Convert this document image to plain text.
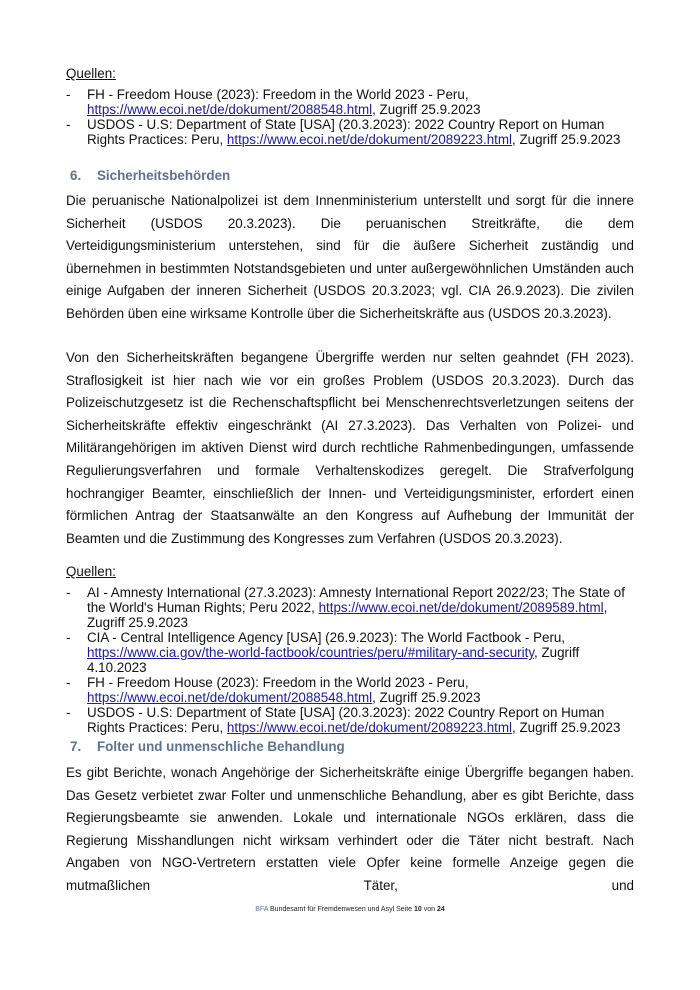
Quellen:
- FH - Freedom House (2023): Freedom in the World 2023 - Peru, https://www.ecoi.net/de/dokument/2088548.html, Zugriff 25.9.2023
- USDOS - U.S: Department of State [USA] (20.3.2023): 2022 Country Report on Human Rights Practices: Peru, https://www.ecoi.net/de/dokument/2089223.html, Zugriff 25.9.2023
6. Sicherheitsbehörden

Die peruanische Nationalpolizei ist dem Innenministerium unterstellt und sorgt für die innere Sicherheit (USDOS 20.3.2023). Die peruanischen Streitkräfte, die dem Verteidigungsministerium unterstehen, sind für die äußere Sicherheit zuständig und übernehmen in bestimmten Notstandsgebieten und unter außergewöhnlichen Umständen auch einige Aufgaben der inneren Sicherheit (USDOS 20.3.2023; vgl. CIA 26.9.2023). Die zivilen Behörden üben eine wirksame Kontrolle über die Sicherheitskräfte aus (USDOS 20.3.2023).

Von den Sicherheitskräften begangene Übergriffe werden nur selten geahndet (FH 2023). Straflosigkeit ist hier nach wie vor ein großes Problem (USDOS 20.3.2023). Durch das Polizeischutzgesetz ist die Rechenschaftspflicht bei Menschenrechtsverletzungen seitens der Sicherheitskräfte effektiv eingeschränkt (AI 27.3.2023). Das Verhalten von Polizei- und Militärangehörigen im aktiven Dienst wird durch rechtliche Rahmenbedingungen, umfassende Regulierungsverfahren und formale Verhaltenskodizes geregelt. Die Strafverfolgung hochrangiger Beamter, einschließlich der Innen- und Verteidigungsminister, erfordert einen förmlichen Antrag der Staatsanwälte an den Kongress auf Aufhebung der Immunität der Beamten und die Zustimmung des Kongresses zum Verfahren (USDOS 20.3.2023).

Quellen:
- AI - Amnesty International (27.3.2023): Amnesty International Report 2022/23; The State of the World's Human Rights; Peru 2022, https://www.ecoi.net/de/dokument/2089589.html, Zugriff 25.9.2023
- CIA - Central Intelligence Agency [USA] (26.9.2023): The World Factbook - Peru, https://www.cia.gov/the-world-factbook/countries/peru/#military-and-security, Zugriff 4.10.2023
- FH - Freedom House (2023): Freedom in the World 2023 - Peru, https://www.ecoi.net/de/dokument/2088548.html, Zugriff 25.9.2023
- USDOS - U.S: Department of State [USA] (20.3.2023): 2022 Country Report on Human Rights Practices: Peru, https://www.ecoi.net/de/dokument/2089223.html, Zugriff 25.9.2023
7. Folter und unmenschliche Behandlung

Es gibt Berichte, wonach Angehörige der Sicherheitskräfte einige Übergriffe begangen haben. Das Gesetz verbietet zwar Folter und unmenschliche Behandlung, aber es gibt Berichte, dass Regierungsbeamte sie anwenden. Lokale und internationale NGOs erklären, dass die Regierung Misshandlungen nicht wirksam verhindert oder die Täter nicht bestraft. Nach Angaben von NGO-Vertretern erstatten viele Opfer keine formelle Anzeige gegen die mutmaßlichen Täter, und

BFA Bundesamt für Fremdenwesen und Asyl Seite 10 von 24
